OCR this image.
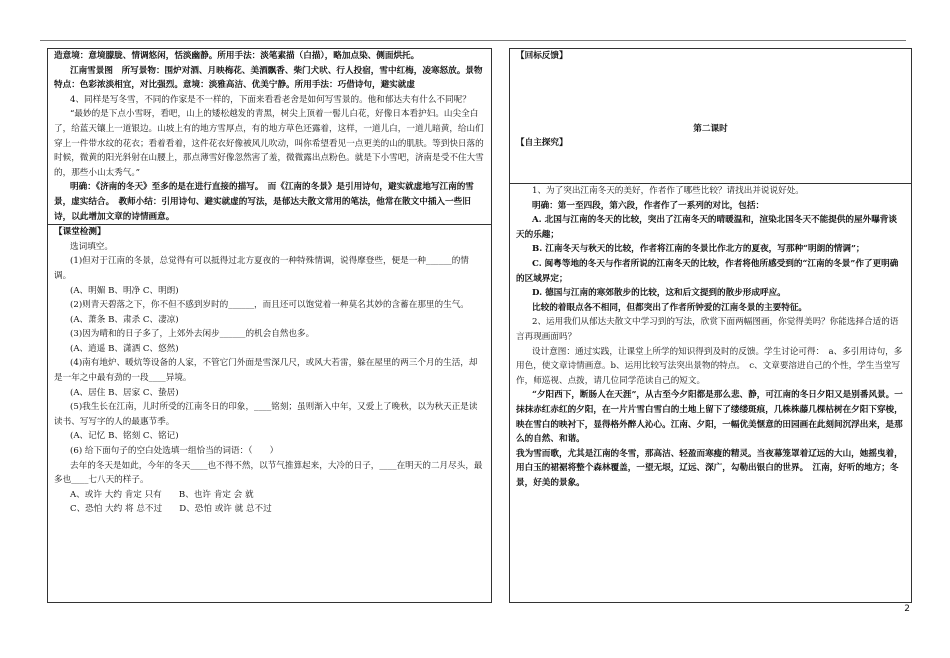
造意境：意境朦胧、情调悠闲，恬淡幽静。所用手法：淡笔素描（白描），略加点染、侧面烘托。

江南雪景图　所写景物：围炉对酒、月映梅花、美酒飘香、柴门犬吠、行人投宿，雪中红梅，凌寒怒放。景物特点：色彩浓淡相宜，对比强烈。意境：淡雅高洁、优美宁静。所用手法：巧借诗句，避实就虚

4、同样是写冬雪，不同的作家是不一样的，下面来看看老舍是如何写雪景的。他和郁达夫有什么不同呢？

“最妙的是下点小雪呀，看吧，山上的矮松越发的青黑，树尖上顶着一髻儿白花，好像日本看护妇。山尖全白了，给蓝天镶上一道银边。山坡上有的地方雪厚点，有的地方草色还露着，这样，一道儿白，一道儿暗黄，给山们穿上一件带水纹的花衣；看着看着，这件花衣好像被风儿吹动，叫你希望看见一点更美的山的肌肤。等到快日落的时候，微黄的阳光斜射在山腰上，那点薄雪好像忽然害了羞，微微露出点粉色。就是下小雪吧，济南是受不住大雪的，那些小山太秀气。”

明确：《济南的冬天》至多的是在进行直接的描写。　而《江南的冬景》是引用诗句，避实就虚地写江南的雪景，虚实结合。　教师小结：引用诗句、避实就虚的写法，是郁达夫散文常用的笔法，他常在散文中插入一些旧诗，以此增加文章的诗情画意。

【课堂检测】

选词填空。

(1)但对于江南的冬景，总觉得有可以抵得过北方夏夜的一种特殊情调，说得摩登些，便是一种______的情调。

(A、明媚 B、明净 C、明朗)

(2)则青天碧落之下，你不但不感到岁时的______，而且还可以饱觉着一种莫名其妙的含蓄在那里的生气。

(A、萧条 B、肃杀 C、凄凉)

(3)因为晴和的日子多了，上郊外去闲步______的机会自然也多。

(A、逍遥 B、潇洒 C、悠然)

(4)南有地炉、暖炕等设备的人家，不管它门外面是雪深几尺，或风大若雷，躲在屋里的两三个月的生活，却是一年之中最有劲的一段____异境。

(A、居住 B、居家 C、蛰居)

(5)我生长在江南，儿时所受的江南冬日的印象，____铭刻；虽则渐入中年，又爱上了晚秋，以为秋天正是读读书、写写字的人的最惠节季。

(A、记忆 B、铭刻 C、铭记)

(6) 给下面句子的空白处选填一组恰当的词语：（　　）

去年的冬天是如此，今年的冬天____也不得不然，以节气推算起来，大冷的日子，____在明天的二月尽头，最多也____七八天的样子。

A、或许 大约 肯定 只有　　B、也许 肯定 会 就

C、恐怕 大约 将 总不过　　D、恐怕 或许 就 总不过

【回标反馈】

第二课时

【自主探究】

1、为了突出江南冬天的美好，作者作了哪些比较？请找出并说说好处。

明确：第一至四段，第六段，作者作了一系列的对比，包括：

A. 北国与江南的冬天的比较，突出了江南冬天的晴暖温和，渲染北国冬天不能提供的屋外曝背谈天的乐趣；

B. 江南冬天与秋天的比较，作者将江南的冬景比作北方的夏夜，写那种“明朗的情调”；

C. 闽粤等地的冬天与作者所说的江南冬天的比较，作者将他所感受到的“江南的冬景”作了更明确的区域界定；

D. 德国与江南的寒郊散步的比较，这和后文提到的散步形成呼应。

比较的着眼点各不相同，但都突出了作者所钟爱的江南冬景的主要特征。

2、运用我们从郁达夫散文中学习到的写法，欣赏下面两幅图画，你觉得美吗？你能选择合适的语言再现画面吗？

设计意图：通过实践，让课堂上所学的知识得到及时的反馈。学生讨论可得：　a、多引用诗句，多用色，使文章诗情画意。b、运用比较写法突出景物的特点。　c、文章要溶进自己的个性，学生当堂写作，师巡视、点拨，请几位同学范读自己的短文。

“夕阳西下，断肠人在天涯”，从古至今夕阳都是那么悲、静，可江南的冬日夕阳又是别番风景。一抹抹赤红赤红的夕阳，在一片片雪白雪白的土地上留下了缕缕斑痕，几株株藤几棵枯树在夕阳下穿梭，映在雪白的映衬下，显得格外醉人沁心。江南、夕阳，一幅优美惬意的田园画在此刻间沉浮出来，是那么的自然、和谐。

我为雪而歌，尤其是江南的冬雪，那高洁、轻盈而寒瘦的精灵。当夜幕笼罩着辽远的大山，她摇曳着，用白玉的裙裾将整个森林覆盖，一望无垠，辽远、深广，勾勒出银白的世界。　江南，好听的地方；冬景，好美的景象。

2
